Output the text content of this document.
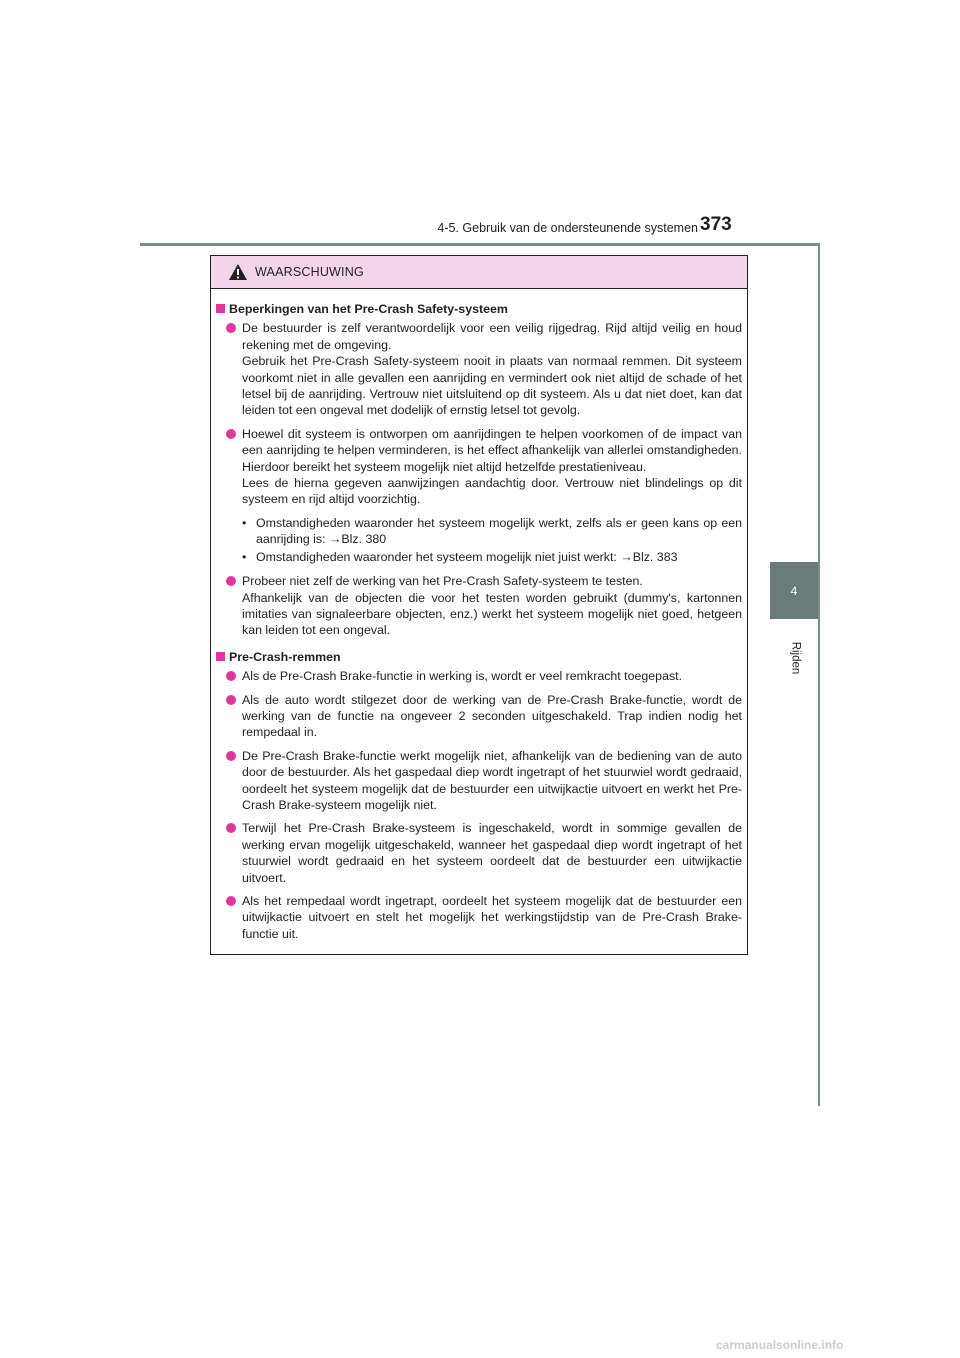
4-5. Gebruik van de ondersteunende systemen 373
4
Rijden
WAARSCHUWING
Beperkingen van het Pre-Crash Safety-systeem

De bestuurder is zelf verantwoordelijk voor een veilig rijgedrag. Rijd altijd veilig en houd rekening met de omgeving.

Gebruik het Pre-Crash Safety-systeem nooit in plaats van normaal remmen. Dit systeem voorkomt niet in alle gevallen een aanrijding en vermindert ook niet altijd de schade of het letsel bij de aanrijding. Vertrouw niet uitsluitend op dit systeem. Als u dat niet doet, kan dat leiden tot een ongeval met dodelijk of ernstig letsel tot gevolg.

Hoewel dit systeem is ontworpen om aanrijdingen te helpen voorkomen of de impact van een aanrijding te helpen verminderen, is het effect afhankelijk van allerlei omstandigheden. Hierdoor bereikt het systeem mogelijk niet altijd hetzelfde prestatieniveau.

Lees de hierna gegeven aanwijzingen aandachtig door. Vertrouw niet blindelings op dit systeem en rijd altijd voorzichtig.

• Omstandigheden waaronder het systeem mogelijk werkt, zelfs als er geen kans op een aanrijding is: →Blz. 380
• Omstandigheden waaronder het systeem mogelijk niet juist werkt: →Blz. 383

Probeer niet zelf de werking van het Pre-Crash Safety-systeem te testen.

Afhankelijk van de objecten die voor het testen worden gebruikt (dummy's, kartonnen imitaties van signaleerbare objecten, enz.) werkt het systeem mogelijk niet goed, hetgeen kan leiden tot een ongeval.

Pre-Crash-remmen

Als de Pre-Crash Brake-functie in werking is, wordt er veel remkracht toegepast.

Als de auto wordt stilgezet door de werking van de Pre-Crash Brake-functie, wordt de werking van de functie na ongeveer 2 seconden uitgeschakeld. Trap indien nodig het rempedaal in.

De Pre-Crash Brake-functie werkt mogelijk niet, afhankelijk van de bediening van de auto door de bestuurder. Als het gaspedaal diep wordt ingetrapt of het stuurwiel wordt gedraaid, oordeelt het systeem mogelijk dat de bestuurder een uitwijkactie uitvoert en werkt het Pre-Crash Brake-systeem mogelijk niet.

Terwijl het Pre-Crash Brake-systeem is ingeschakeld, wordt in sommige gevallen de werking ervan mogelijk uitgeschakeld, wanneer het gaspedaal diep wordt ingetrapt of het stuurwiel wordt gedraaid en het systeem oordeelt dat de bestuurder een uitwijkactie uitvoert.

Als het rempedaal wordt ingetrapt, oordeelt het systeem mogelijk dat de bestuurder een uitwijkactie uitvoert en stelt het mogelijk het werkingstijdstip van de Pre-Crash Brake-functie uit.

carmanualsonline.info
